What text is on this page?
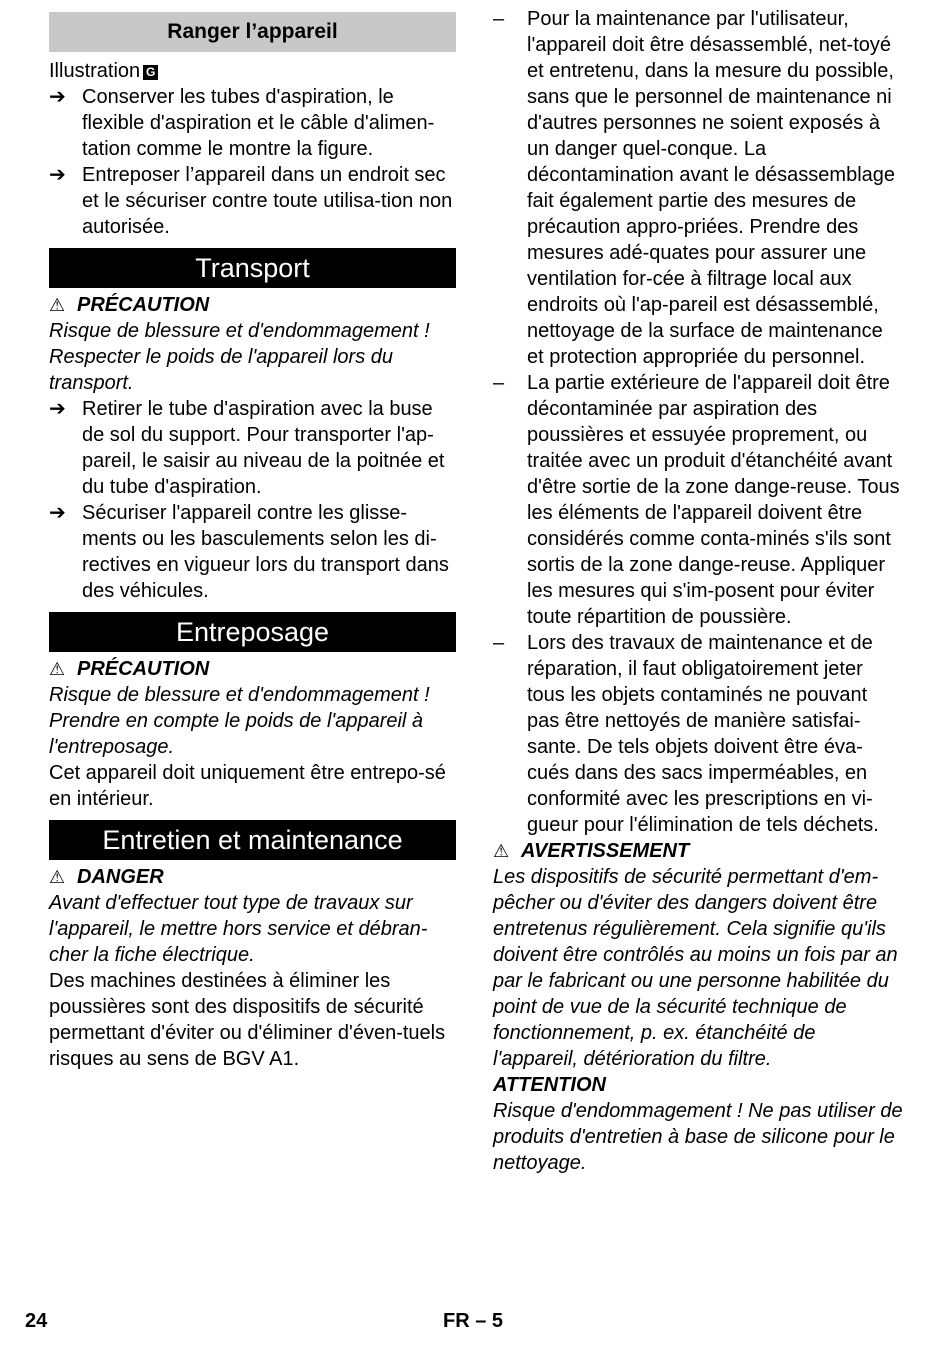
Ranger l’appareil

Illustration G

➔ Conserver les tubes d'aspiration, le flexible d'aspiration et le câble d'alimen-tation comme le montre la figure.

➔ Entreposer l’appareil dans un endroit sec et le sécuriser contre toute utilisa-tion non autorisée.

Transport

⚠ PRÉCAUTION

Risque de blessure et d'endommagement ! Respecter le poids de l'appareil lors du transport.

➔ Retirer le tube d'aspiration avec la buse de sol du support. Pour transporter l'ap-pareil, le saisir au niveau de la poitnée et du tube d'aspiration.

➔ Sécuriser l'appareil contre les glisse-ments ou les basculements selon les di-rectives en vigueur lors du transport dans des véhicules.

Entreposage

⚠ PRÉCAUTION

Risque de blessure et d'endommagement ! Prendre en compte le poids de l'appareil à l'entreposage.

Cet appareil doit uniquement être entrepo-sé en intérieur.

Entretien et maintenance

⚠ DANGER

Avant d'effectuer tout type de travaux sur l'appareil, le mettre hors service et débran-cher la fiche électrique.

Des machines destinées à éliminer les poussières sont des dispositifs de sécurité permettant d'éviter ou d'éliminer d'éven-tuels risques au sens de BGV A1.

– Pour la maintenance par l'utilisateur, l'appareil doit être désassemblé, net-toyé et entretenu, dans la mesure du possible, sans que le personnel de maintenance ni d'autres personnes ne soient exposés à un danger quel-conque. La décontamination avant le désassemblage fait également partie des mesures de précaution appro-priées. Prendre des mesures adé-quates pour assurer une ventilation for-cée à filtrage local aux endroits où l'ap-pareil est désassemblé, nettoyage de la surface de maintenance et protection appropriée du personnel.

– La partie extérieure de l'appareil doit être décontaminée par aspiration des poussières et essuyée proprement, ou traitée avec un produit d'étanchéité avant d'être sortie de la zone dange-reuse. Tous les éléments de l'appareil doivent être considérés comme conta-minés s'ils sont sortis de la zone dange-reuse. Appliquer les mesures qui s'im-posent pour éviter toute répartition de poussière.

– Lors des travaux de maintenance et de réparation, il faut obligatoirement jeter tous les objets contaminés ne pouvant pas être nettoyés de manière satisfai-sante. De tels objets doivent être éva-cués dans des sacs imperméables, en conformité avec les prescriptions en vi-gueur pour l'élimination de tels déchets.

⚠ AVERTISSEMENT

Les dispositifs de sécurité permettant d'em-pêcher ou d'éviter des dangers doivent être entretenus régulièrement. Cela signifie qu'ils doivent être contrôlés au moins un fois par an par le fabricant ou une personne habilitée du point de vue de la sécurité technique de fonctionnement, p. ex. étanchéité de l'appareil, détérioration du filtre.

ATTENTION

Risque d'endommagement ! Ne pas utiliser de produits d'entretien à base de silicone pour le nettoyage.

24	FR – 5
